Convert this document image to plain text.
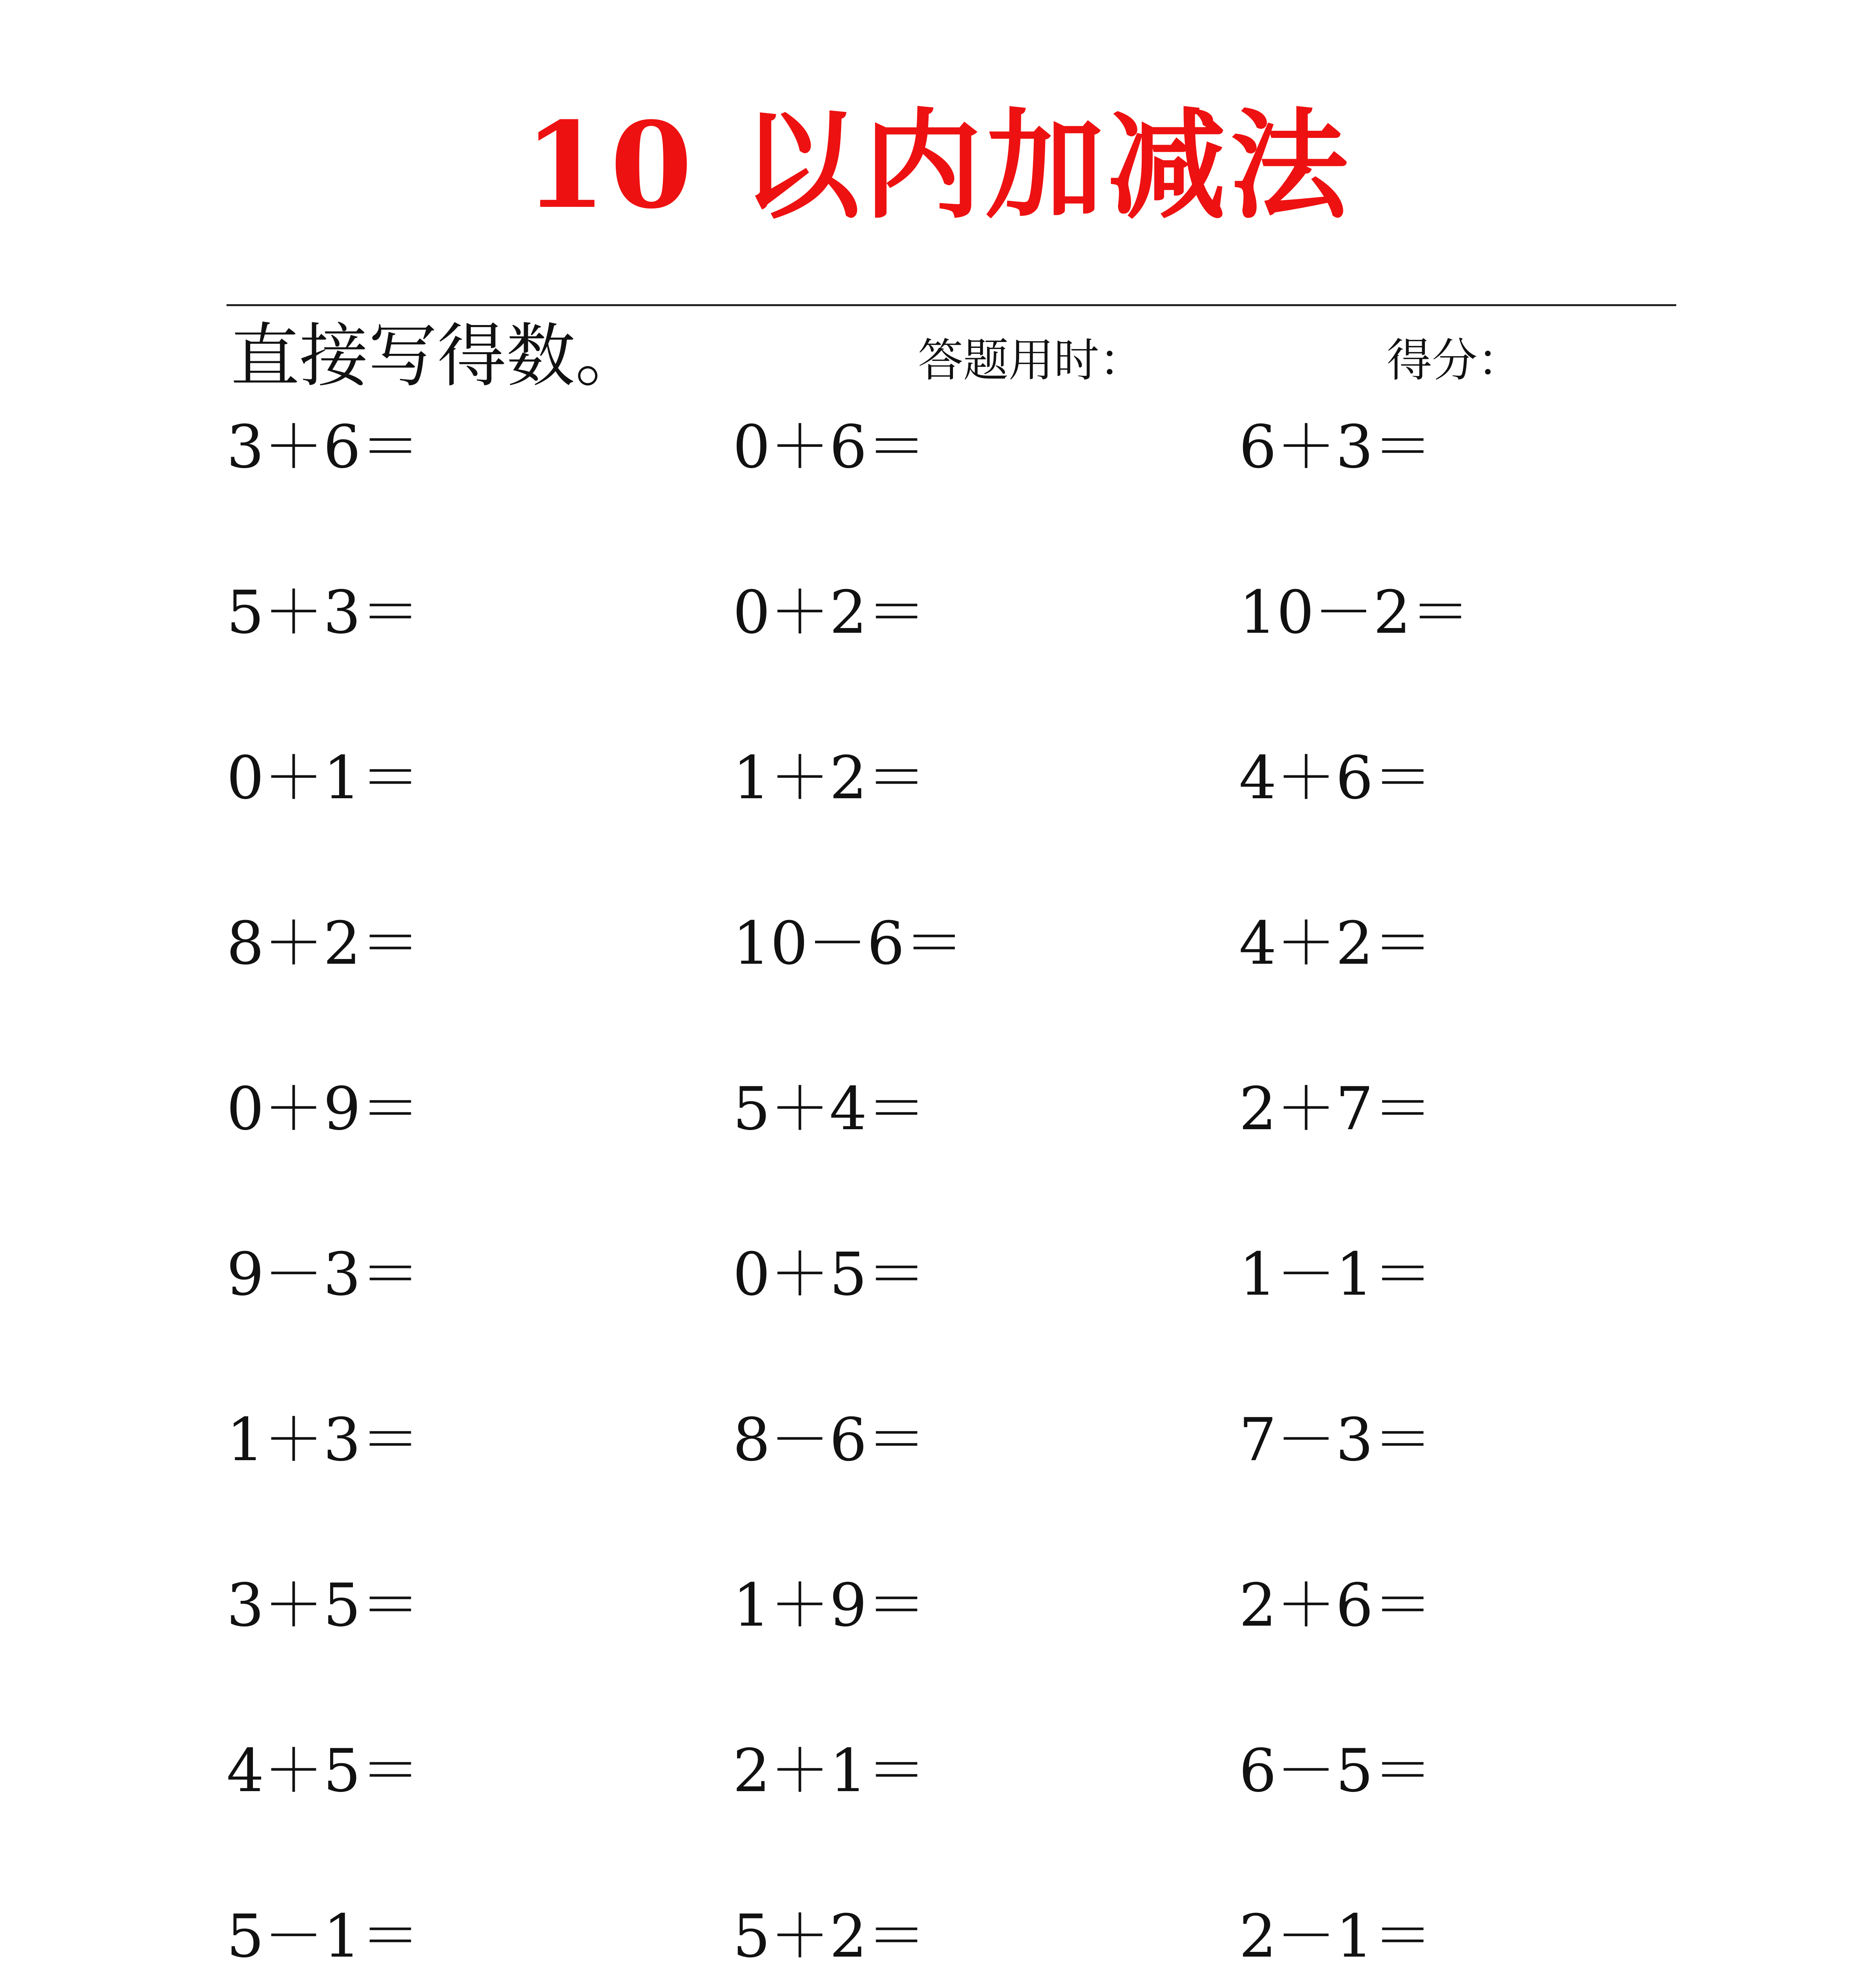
10 以内加减法
直接写得数。	答题用时：	得分：
3＋6＝	0＋6＝	6＋3＝
5＋3＝	0＋2＝	10－2＝
0＋1＝	1＋2＝	4＋6＝
8＋2＝	10－6＝	4＋2＝
0＋9＝	5＋4＝	2＋7＝
9－3＝	0＋5＝	1－1＝
1＋3＝	8－6＝	7－3＝
3＋5＝	1＋9＝	2＋6＝
4＋5＝	2＋1＝	6－5＝
5－1＝	5＋2＝	2－1＝
